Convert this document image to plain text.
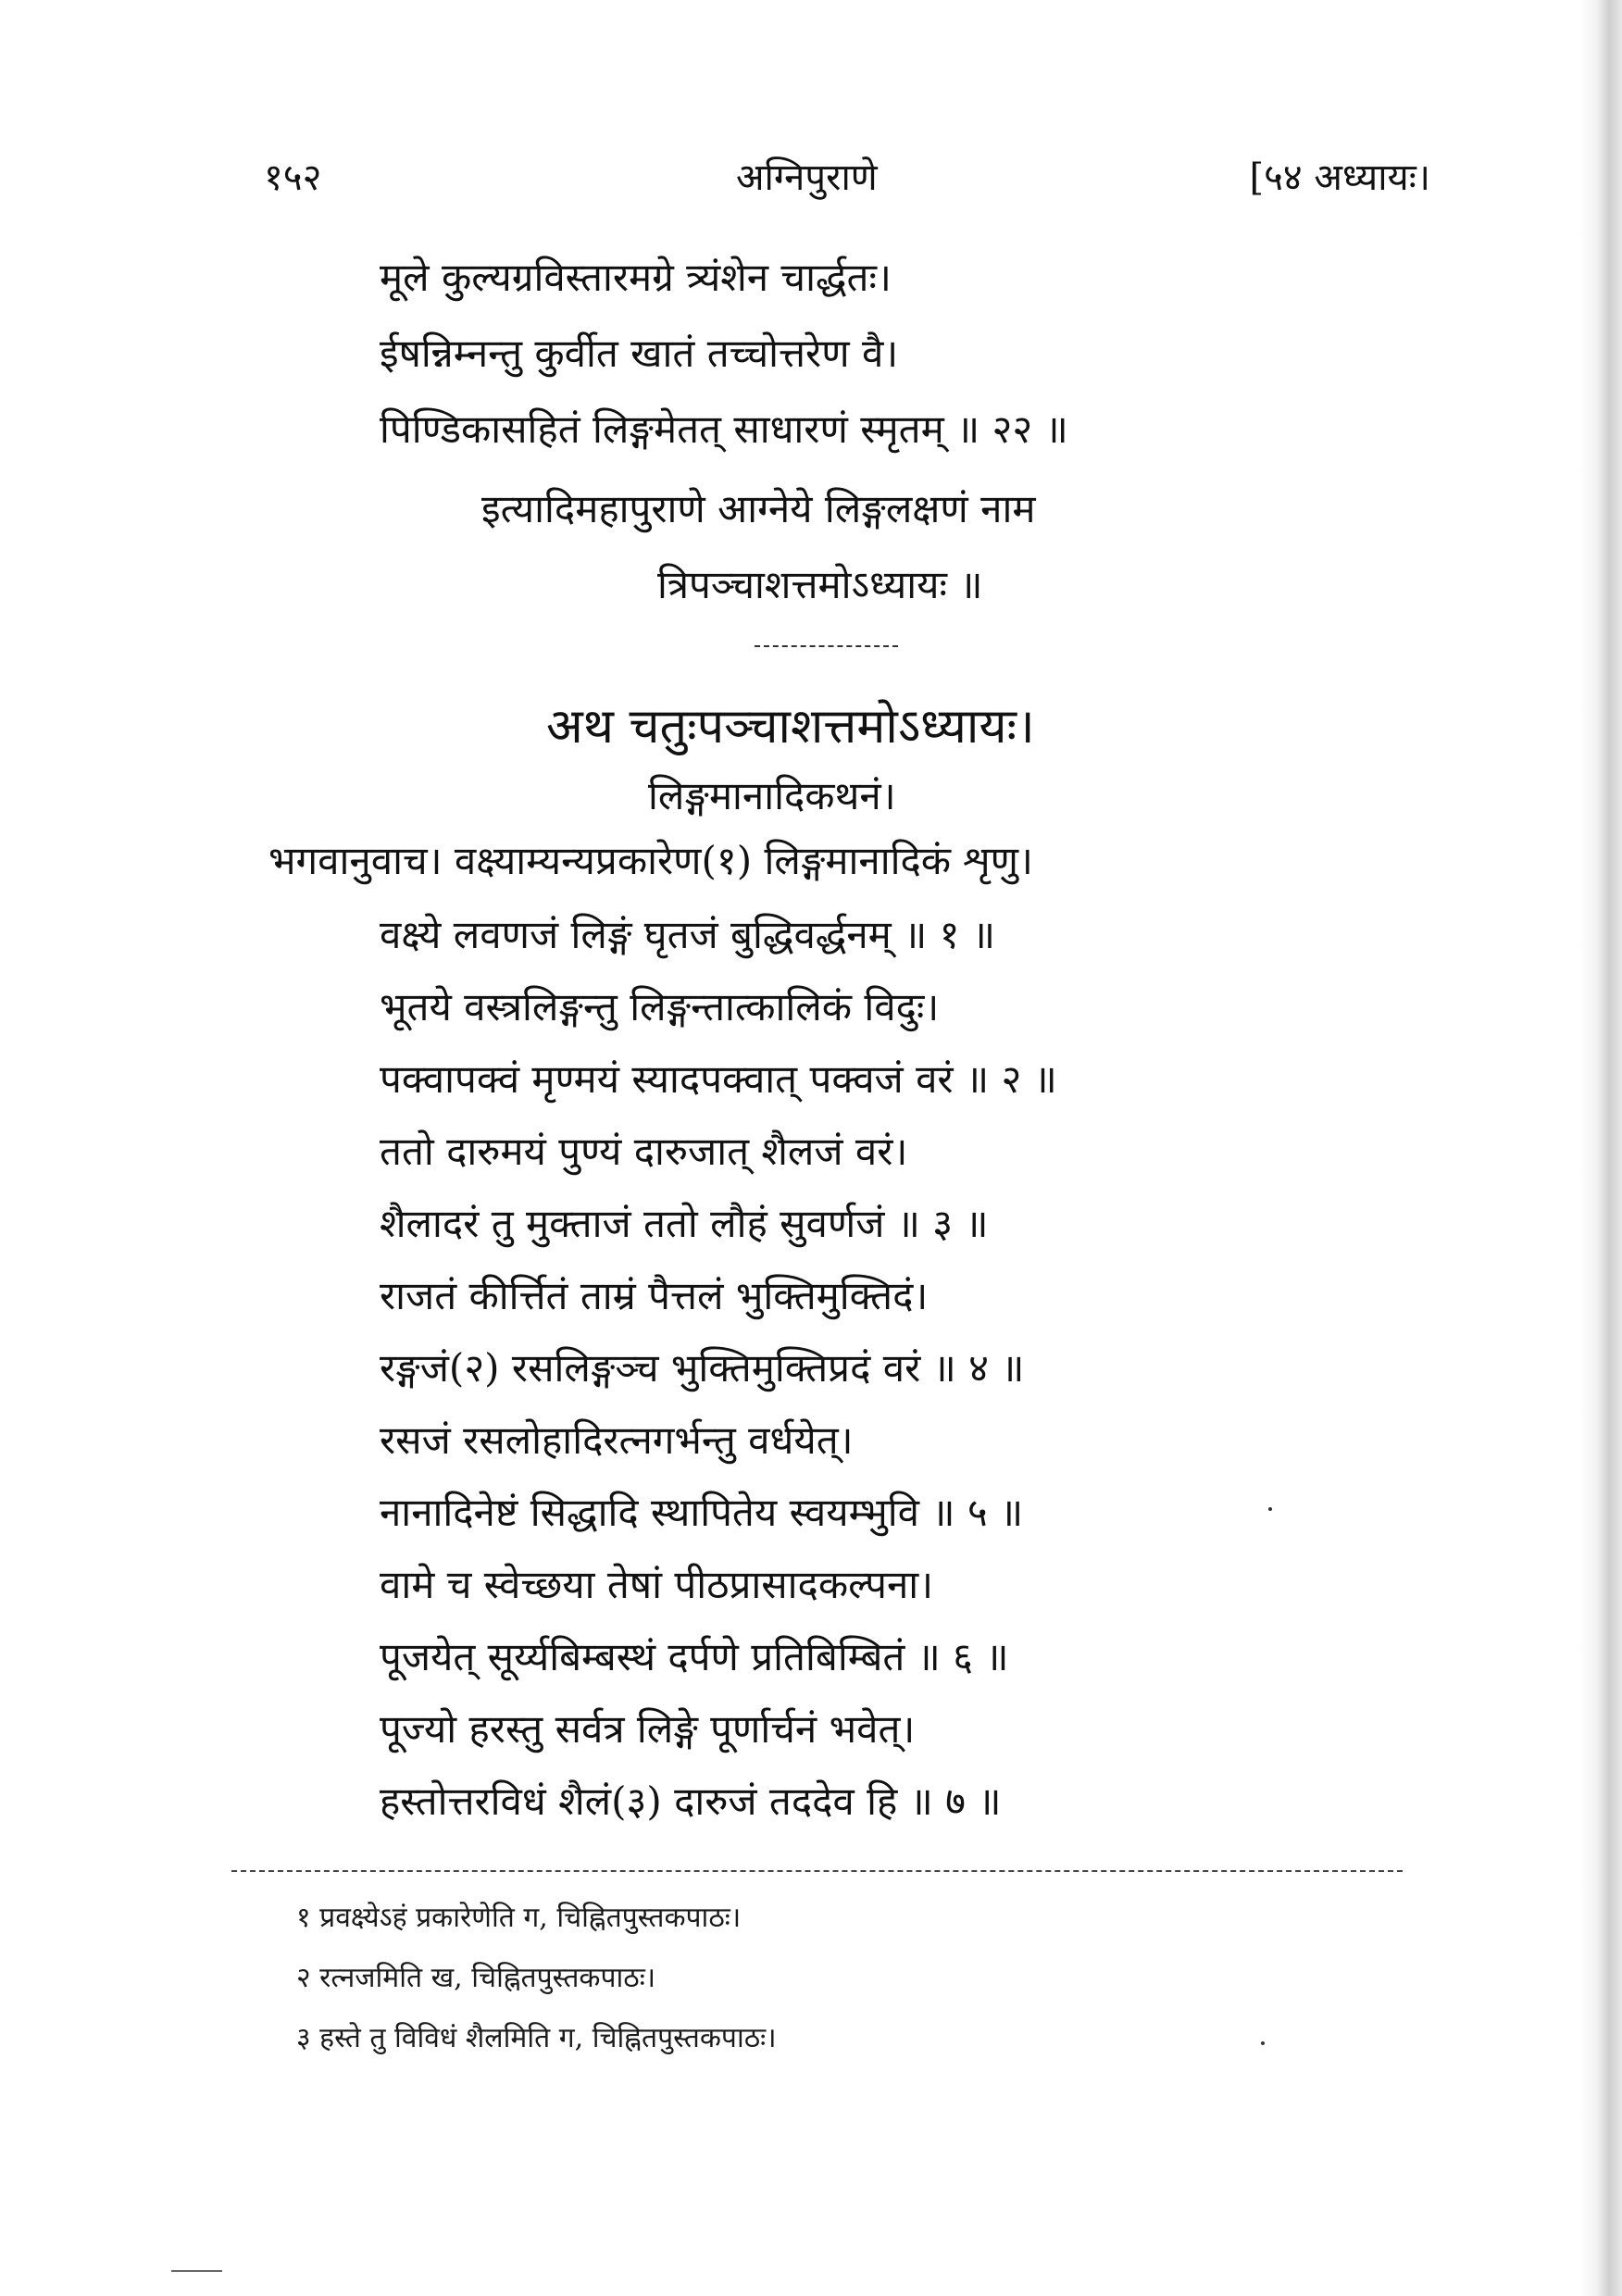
१५२	अग्निपुराणे	[५४ अध्यायः।
मूले कुल्यग्रविस्तारमग्रे त्र्यंशेन चार्द्धतः।
ईषन्निम्नन्तु कुर्वीत खातं तच्चोत्तरेण वै।
पिण्डिकासहितं लिङ्गमेतत् साधारणं स्मृतम् ॥ २२ ॥
इत्यादिमहापुराणे आग्नेये लिङ्गलक्षणं नाम
त्रिपञ्चाशत्तमोऽध्यायः ॥
अथ चतुःपञ्चाशत्तमोऽध्यायः।
लिङ्गमानादिकथनं।
भगवानुवाच। वक्ष्याम्यन्यप्रकारेण(१) लिङ्गमानादिकं शृणु।
वक्ष्ये लवणजं लिङ्गं घृतजं बुद्धिवर्द्धनम् ॥ १ ॥
भूतये वस्त्रलिङ्गन्तु लिङ्गन्तात्कालिकं विदुः।
पक्वापक्वं मृण्मयं स्यादपक्वात् पक्वजं वरं ॥ २ ॥
ततो दारुमयं पुण्यं दारुजात् शैलजं वरं।
शैलादरं तु मुक्ताजं ततो लौहं सुवर्णजं ॥ ३ ॥
राजतं कीर्त्तितं ताम्रं पैत्तलं भुक्तिमुक्तिदं।
रङ्गजं(२) रसलिङ्गञ्च भुक्तिमुक्तिप्रदं वरं ॥ ४ ॥
रसजं रसलोहादिरत्नगर्भन्तु वर्धयेत्।
नानादिनेष्टं सिद्धादि स्थापितेय स्वयम्भुवि ॥ ५ ॥
वामे च स्वेच्छया तेषां पीठप्रासादकल्पना।
पूजयेत् सूर्य्यबिम्बस्थं दर्पणे प्रतिबिम्बितं ॥ ६ ॥
पूज्यो हरस्तु सर्वत्र लिङ्गे पूर्णार्चनं भवेत्।
हस्तोत्तरविधं शैलं(३) दारुजं तददेव हि ॥ ७ ॥
१ प्रवक्ष्येऽहं प्रकारेणेति ग, चिह्नितपुस्तकपाठः।
२ रत्नजमिति ख, चिह्नितपुस्तकपाठः।
३ हस्ते तु विविधं शैलमिति ग, चिह्नितपुस्तकपाठः।
